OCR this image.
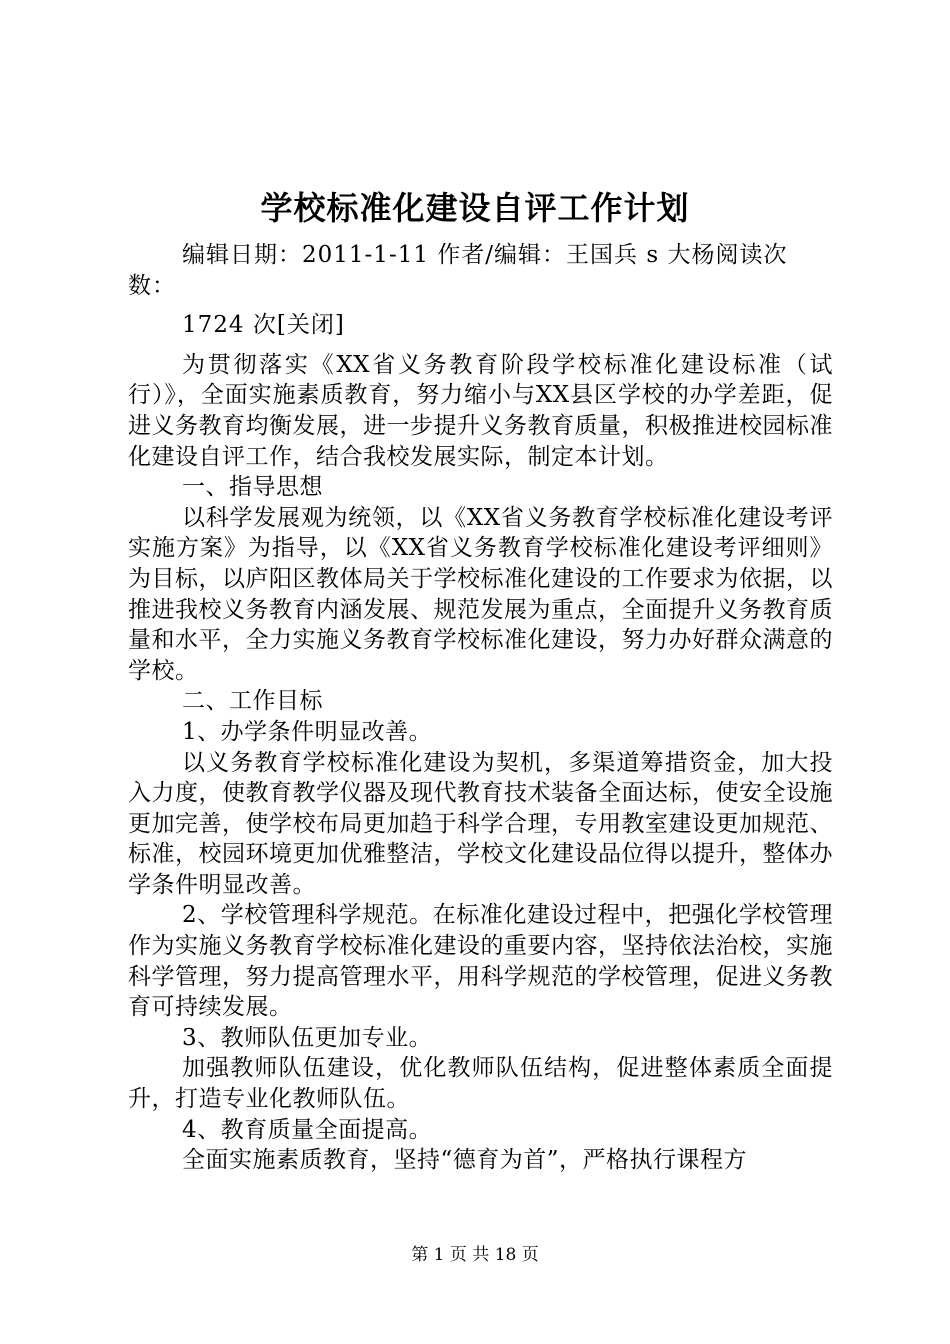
学校标准化建设自评工作计划
编辑日期：2011-1-11 作者/编辑：王国兵 s 大杨阅读次数：
1724 次[关闭]

为贯彻落实《XX省义务教育阶段学校标准化建设标准（试行）》，全面实施素质教育，努力缩小与XX县区学校的办学差距，促进义务教育均衡发展，进一步提升义务教育质量，积极推进校园标准化建设自评工作，结合我校发展实际，制定本计划。

一、指导思想

以科学发展观为统领，以《XX省义务教育学校标准化建设考评实施方案》为指导，以《XX省义务教育学校标准化建设考评细则》为目标，以庐阳区教体局关于学校标准化建设的工作要求为依据，以推进我校义务教育内涵发展、规范发展为重点，全面提升义务教育质量和水平，全力实施义务教育学校标准化建设，努力办好群众满意的学校。

二、工作目标

1、办学条件明显改善。

以义务教育学校标准化建设为契机，多渠道筹措资金，加大投入力度，使教育教学仪器及现代教育技术装备全面达标，使安全设施更加完善，使学校布局更加趋于科学合理，专用教室建设更加规范、标准，校园环境更加优雅整洁，学校文化建设品位得以提升，整体办学条件明显改善。

2、学校管理科学规范。在标准化建设过程中，把强化学校管理作为实施义务教育学校标准化建设的重要内容，坚持依法治校，实施科学管理，努力提高管理水平，用科学规范的学校管理，促进义务教育可持续发展。

3、教师队伍更加专业。

加强教师队伍建设，优化教师队伍结构，促进整体素质全面提升，打造专业化教师队伍。

4、教育质量全面提高。

全面实施素质教育，坚持“德育为首”，严格执行课程方

第 1 页 共 18 页
